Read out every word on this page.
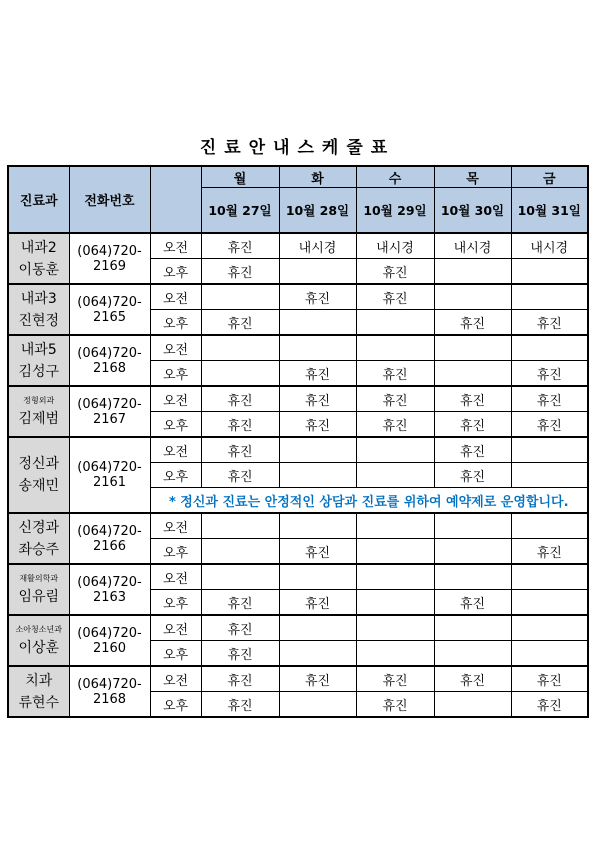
진료안내스케줄표
진료과	전화번호		월	화	수	목	금
			10월 27일	10월 28일	10월 29일	10월 30일	10월 31일

내과2
이동훈	(064)720-2169	오전	휴진	내시경	내시경	내시경	내시경
		오후	휴진		휴진		

내과3
진현정	(064)720-2165	오전		휴진	휴진		
		오후	휴진			휴진	휴진

내과5
김성구	(064)720-2168	오전					
		오후		휴진	휴진		휴진

정형외과
김제범	(064)720-2167	오전	휴진	휴진	휴진	휴진	휴진
		오후	휴진	휴진	휴진	휴진	휴진

정신과
송재민	(064)720-2161	오전	휴진			휴진	
		오후	휴진			휴진	
		* 정신과 진료는 안정적인 상담과 진료를 위하여 예약제로 운영합니다.					

신경과
좌승주	(064)720-2166	오전					
		오후		휴진			휴진

재활의학과
임유림	(064)720-2163	오전					
		오후	휴진	휴진		휴진	

소아청소년과
이상훈	(064)720-2160	오전	휴진				
		오후	휴진				

치과
류현수	(064)720-2168	오전	휴진	휴진	휴진	휴진	휴진
		오후	휴진		휴진		휴진
